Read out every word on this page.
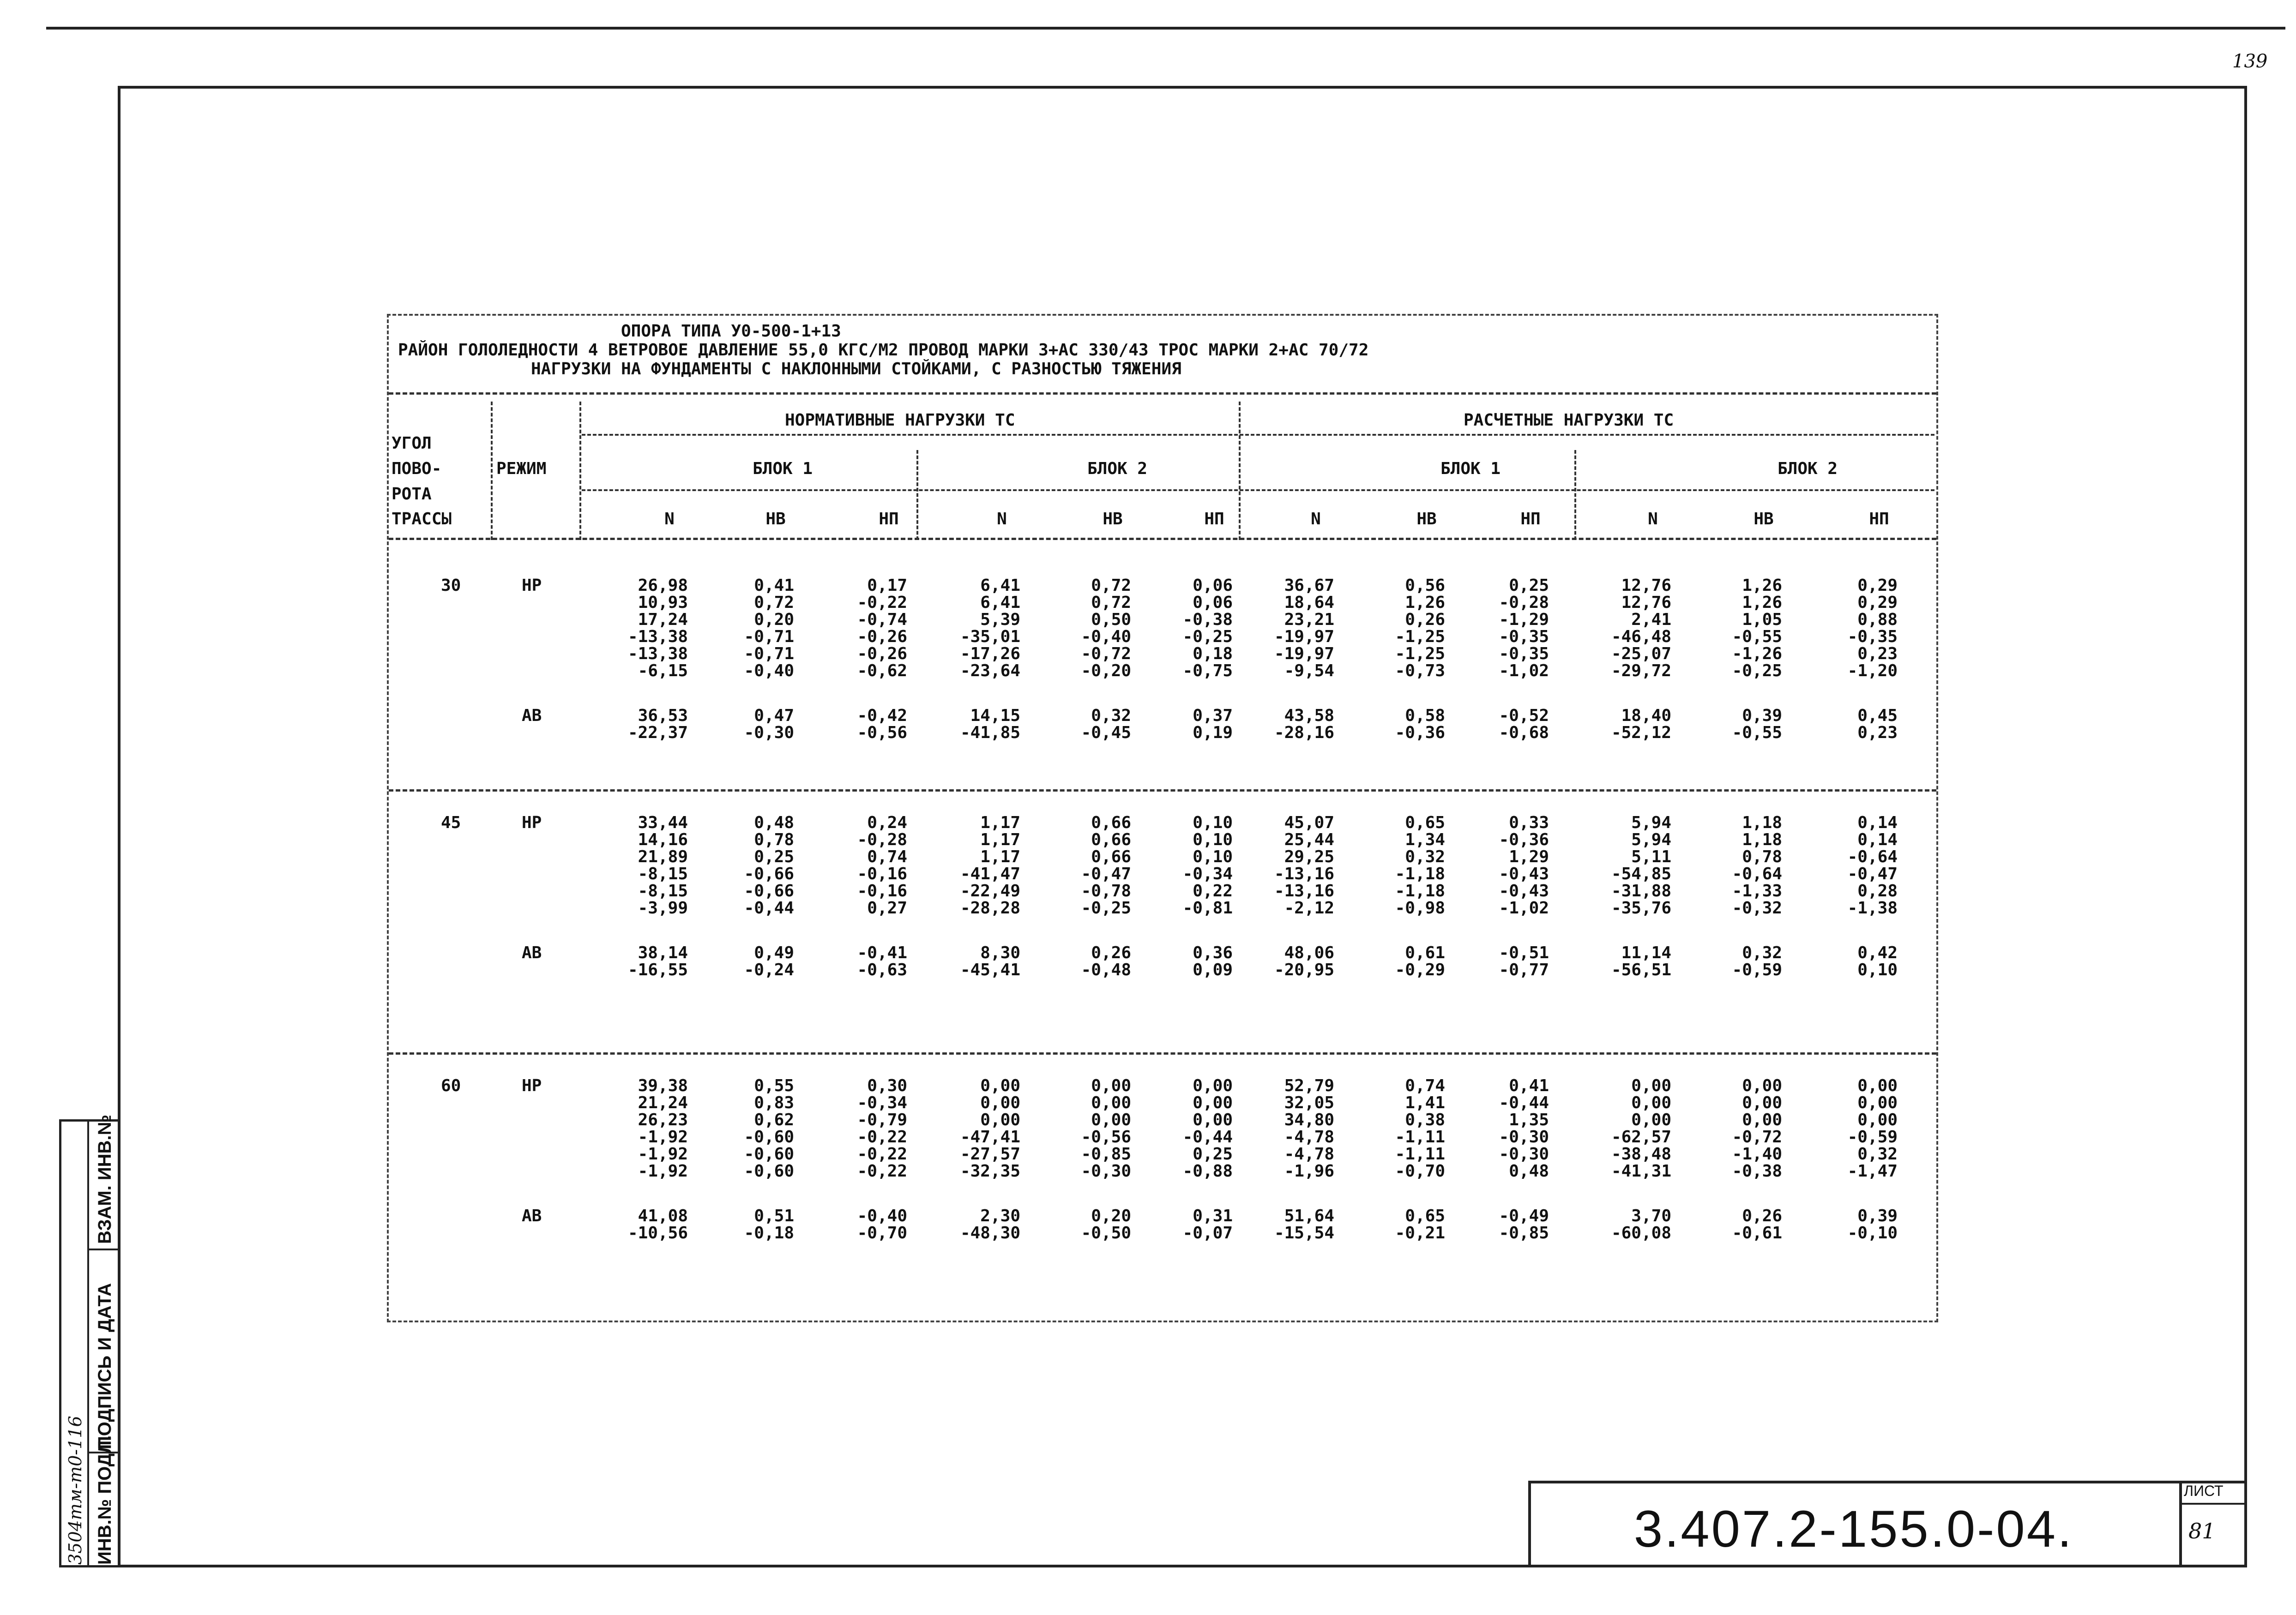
139
ВЗАМ. ИНВ.№
ПОДПИСЬ И ДАТА
ИНВ.№ ПОДЛ.
3504тм-т0-116	3.407.2-155.0-04.
ЛИСТ
81
ОПОРА ТИПА У0-500-1+13
РАЙОН ГОЛОЛЕДНОСТИ 4 ВЕТРОВОЕ ДАВЛЕНИЕ 55,0 КГС/М2 ПРОВОД МАРКИ 3+АС 330/43 ТРОС МАРКИ 2+АС 70/72
НАГРУЗКИ НА ФУНДАМЕНТЫ С НАКЛОННЫМИ СТОЙКАМИ, С РАЗНОСТЬЮ ТЯЖЕНИЯ
УГОЛ
ПОВО-
РОТА
ТРАССЫ
РЕЖИМ
НОРМАТИВНЫЕ НАГРУЗКИ ТС	РАСЧЕТНЫЕ НАГРУЗКИ ТС
БЛОК 1	БЛОК 2	БЛОК 1	БЛОК 2
N	НВ	НП	N	НВ	НП	N	НВ	НП	N	НВ	НП
30	НР	26,98	0,41	0,17	6,41	0,72	0,06	36,67	0,56	0,25	12,76	1,26	0,29
10,93	0,72	-0,22	6,41	0,72	0,06	18,64	1,26	-0,28	12,76	1,26	0,29
17,24	0,20	-0,74	5,39	0,50	-0,38	23,21	0,26	-1,29	2,41	1,05	0,88
-13,38	-0,71	-0,26	-35,01	-0,40	-0,25	-19,97	-1,25	-0,35	-46,48	-0,55	-0,35
-13,38	-0,71	-0,26	-17,26	-0,72	0,18	-19,97	-1,25	-0,35	-25,07	-1,26	0,23
-6,15	-0,40	-0,62	-23,64	-0,20	-0,75	-9,54	-0,73	-1,02	-29,72	-0,25	-1,20
АВ	36,53	0,47	-0,42	14,15	0,32	0,37	43,58	0,58	-0,52	18,40	0,39	0,45
-22,37	-0,30	-0,56	-41,85	-0,45	0,19	-28,16	-0,36	-0,68	-52,12	-0,55	0,23
45	НР	33,44	0,48	0,24	1,17	0,66	0,10	45,07	0,65	0,33	5,94	1,18	0,14
14,16	0,78	-0,28	1,17	0,66	0,10	25,44	1,34	-0,36	5,94	1,18	0,14
21,89	0,25	0,74	1,17	0,66	0,10	29,25	0,32	1,29	5,11	0,78	-0,64
-8,15	-0,66	-0,16	-41,47	-0,47	-0,34	-13,16	-1,18	-0,43	-54,85	-0,64	-0,47
-8,15	-0,66	-0,16	-22,49	-0,78	0,22	-13,16	-1,18	-0,43	-31,88	-1,33	0,28
-3,99	-0,44	0,27	-28,28	-0,25	-0,81	-2,12	-0,98	-1,02	-35,76	-0,32	-1,38
АВ	38,14	0,49	-0,41	8,30	0,26	0,36	48,06	0,61	-0,51	11,14	0,32	0,42
-16,55	-0,24	-0,63	-45,41	-0,48	0,09	-20,95	-0,29	-0,77	-56,51	-0,59	0,10
60	НР	39,38	0,55	0,30	0,00	0,00	0,00	52,79	0,74	0,41	0,00	0,00	0,00
21,24	0,83	-0,34	0,00	0,00	0,00	32,05	1,41	-0,44	0,00	0,00	0,00
26,23	0,62	-0,79	0,00	0,00	0,00	34,80	0,38	1,35	0,00	0,00	0,00
-1,92	-0,60	-0,22	-47,41	-0,56	-0,44	-4,78	-1,11	-0,30	-62,57	-0,72	-0,59
-1,92	-0,60	-0,22	-27,57	-0,85	0,25	-4,78	-1,11	-0,30	-38,48	-1,40	0,32
-1,92	-0,60	-0,22	-32,35	-0,30	-0,88	-1,96	-0,70	0,48	-41,31	-0,38	-1,47
АВ	41,08	0,51	-0,40	2,30	0,20	0,31	51,64	0,65	-0,49	3,70	0,26	0,39
-10,56	-0,18	-0,70	-48,30	-0,50	-0,07	-15,54	-0,21	-0,85	-60,08	-0,61	-0,10
